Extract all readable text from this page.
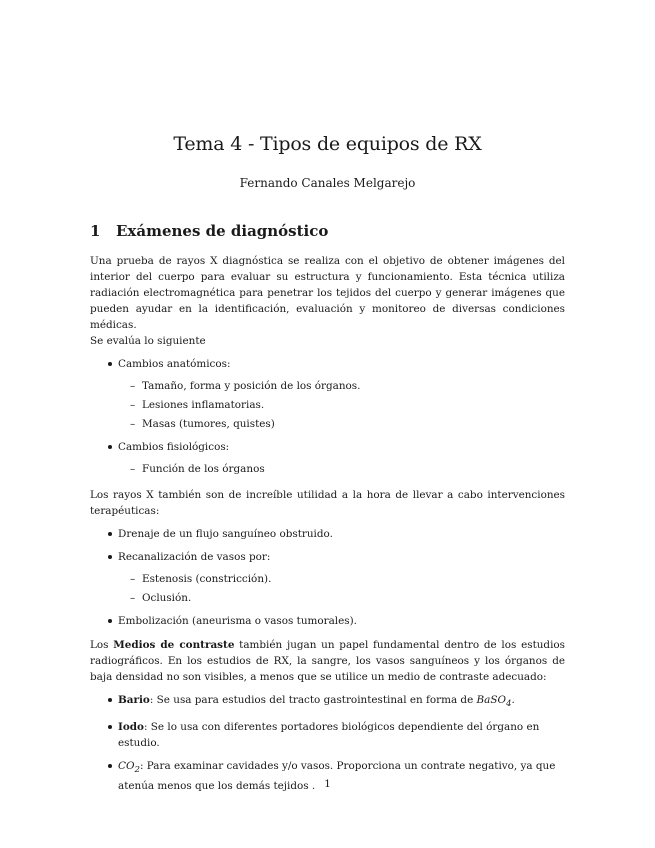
Tema 4 - Tipos de equipos de RX
Fernando Canales Melgarejo
1 Exámenes de diagnóstico

Una prueba de rayos X diagnóstica se realiza con el objetivo de obtener imágenes del interior del cuerpo para evaluar su estructura y funcionamiento. Esta técnica utiliza radiación electromagnética para penetrar los tejidos del cuerpo y generar imágenes que pueden ayudar en la identificación, evaluación y monitoreo de diversas condiciones médicas.

Se evalúa lo siguiente
Cambios anatómicos:
– Tamaño, forma y posición de los órganos.
– Lesiones inflamatorias.
– Masas (tumores, quistes)
Cambios fisiológicos:
– Función de los órganos

Los rayos X también son de increíble utilidad a la hora de llevar a cabo intervenciones terapéuticas:

Drenaje de un flujo sanguíneo obstruido.
Recanalización de vasos por:
– Estenosis (constricción).
– Oclusión.
Embolización (aneurisma o vasos tumorales).

Los Medios de contraste también jugan un papel fundamental dentro de los estudios radiográficos. En los estudios de RX, la sangre, los vasos sanguíneos y los órganos de baja densidad no son visibles, a menos que se utilice un medio de contraste adecuado:

Bario: Se usa para estudios del tracto gastrointestinal en forma de BaSO$_4$.
Iodo: Se lo usa con diferentes portadores biológicos dependiente del órgano en estudio.
$CO_2$: Para examinar cavidades y/o vasos. Proporciona un contrate negativo, ya que atenúa menos que los demás tejidos . 1
